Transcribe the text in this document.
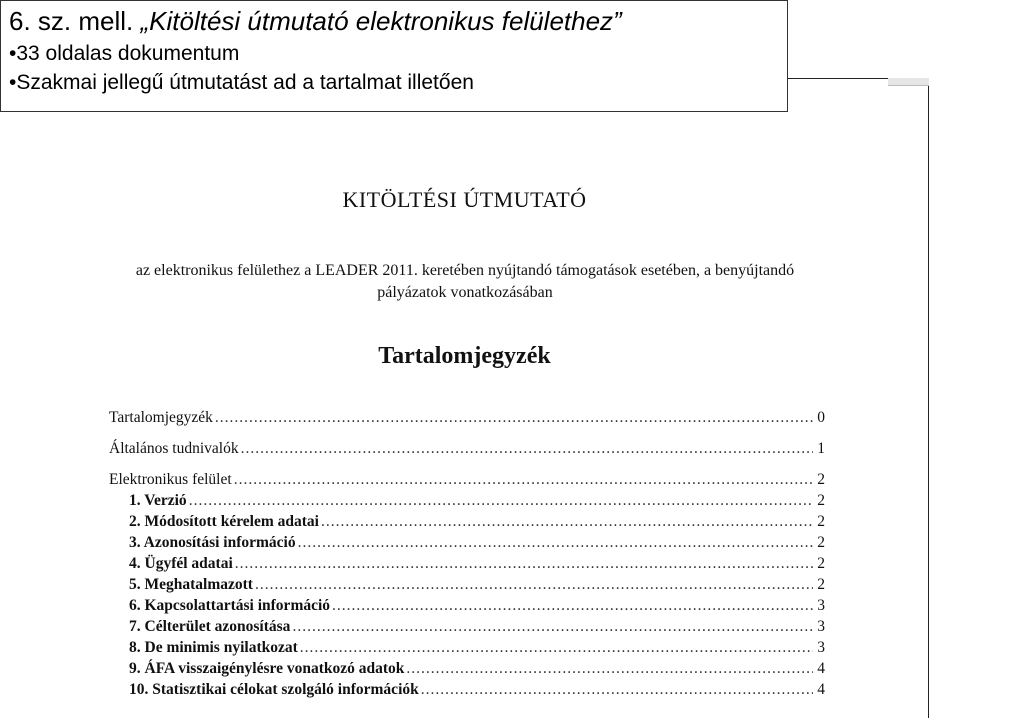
6. sz. mell. „Kitöltési útmutató elektronikus felülethez”
•33 oldalas dokumentum
•Szakmai jellegű útmutatást ad a tartalmat illetően
KITÖLTÉSI ÚTMUTATÓ
az elektronikus felülethez a LEADER 2011. keretében nyújtandó támogatások esetében, a benyújtandó pályázatok vonatkozásában
Tartalomjegyzék
Tartalomjegyzék .....	0
Általános tudnivalók .....	1
Elektronikus felület .....	2
1. Verzió .....	2
2. Módosított kérelem adatai .....	2
3. Azonosítási információ .....	2
4. Ügyfél adatai .....	2
5. Meghatalmazott .....	2
6. Kapcsolattartási információ .....	3
7. Célterület azonosítása .....	3
8. De minimis nyilatkozat .....	3
9. ÁFA visszaigénylésre vonatkozó adatok .....	4
10. Statisztikai célokat szolgáló információk .....	4
